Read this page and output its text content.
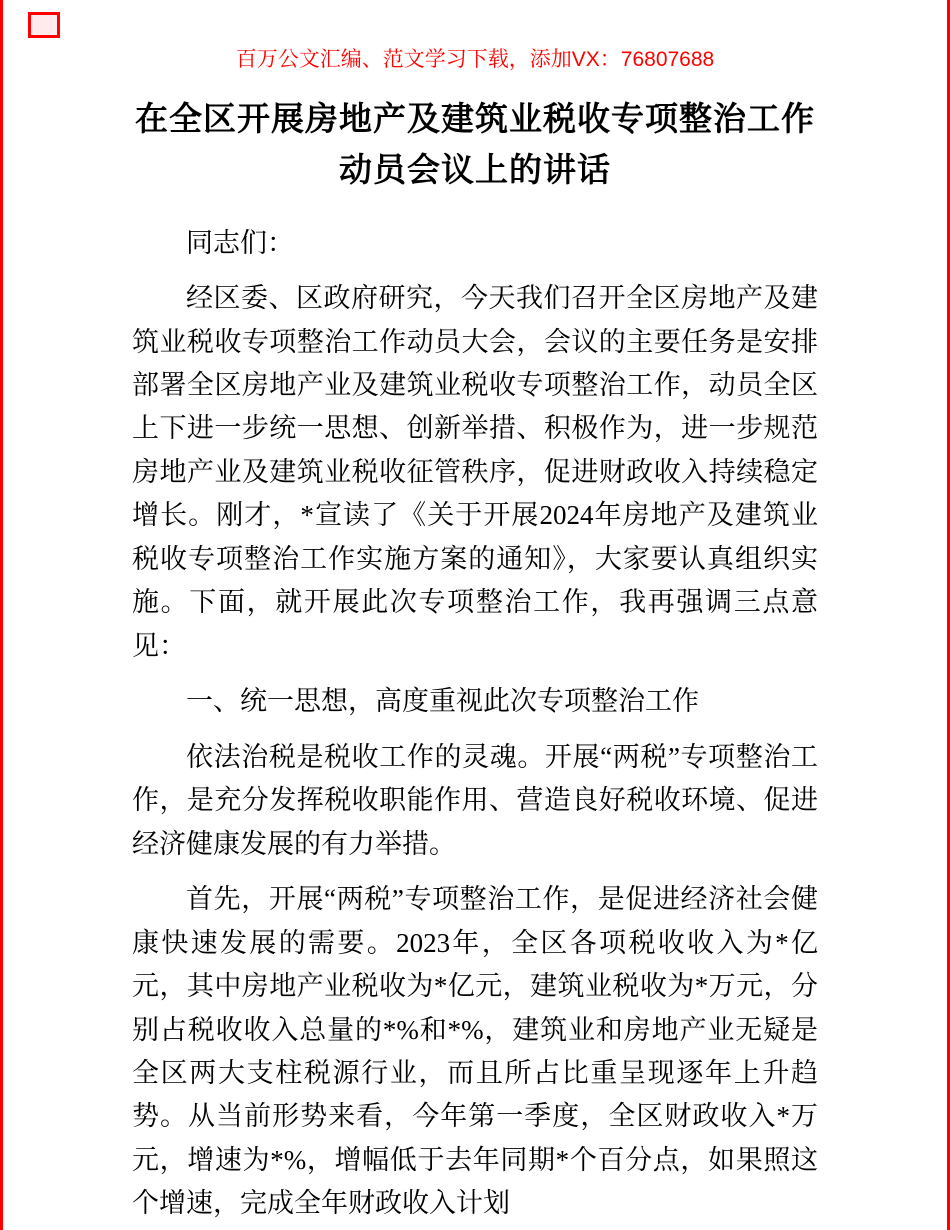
百万公文汇编、范文学习下载，添加VX：76807688
在全区开展房地产及建筑业税收专项整治工作
动员会议上的讲话

同志们：

经区委、区政府研究，今天我们召开全区房地产及建筑业税收专项整治工作动员大会，会议的主要任务是安排部署全区房地产业及建筑业税收专项整治工作，动员全区上下进一步统一思想、创新举措、积极作为，进一步规范房地产业及建筑业税收征管秩序，促进财政收入持续稳定增长。刚才，*宣读了《关于开展2024年房地产及建筑业税收专项整治工作实施方案的通知》，大家要认真组织实施。下面，就开展此次专项整治工作，我再强调三点意见：

一、统一思想，高度重视此次专项整治工作

依法治税是税收工作的灵魂。开展“两税”专项整治工作，是充分发挥税收职能作用、营造良好税收环境、促进经济健康发展的有力举措。

首先，开展“两税”专项整治工作，是促进经济社会健康快速发展的需要。2023年，全区各项税收收入为*亿元，其中房地产业税收为*亿元，建筑业税收为*万元，分别占税收收入总量的*%和*%，建筑业和房地产业无疑是全区两大支柱税源行业，而且所占比重呈现逐年上升趋势。从当前形势来看，今年第一季度，全区财政收入*万元，增速为*%，增幅低于去年同期*个百分点，如果照这个增速，完成全年财政收入计划
